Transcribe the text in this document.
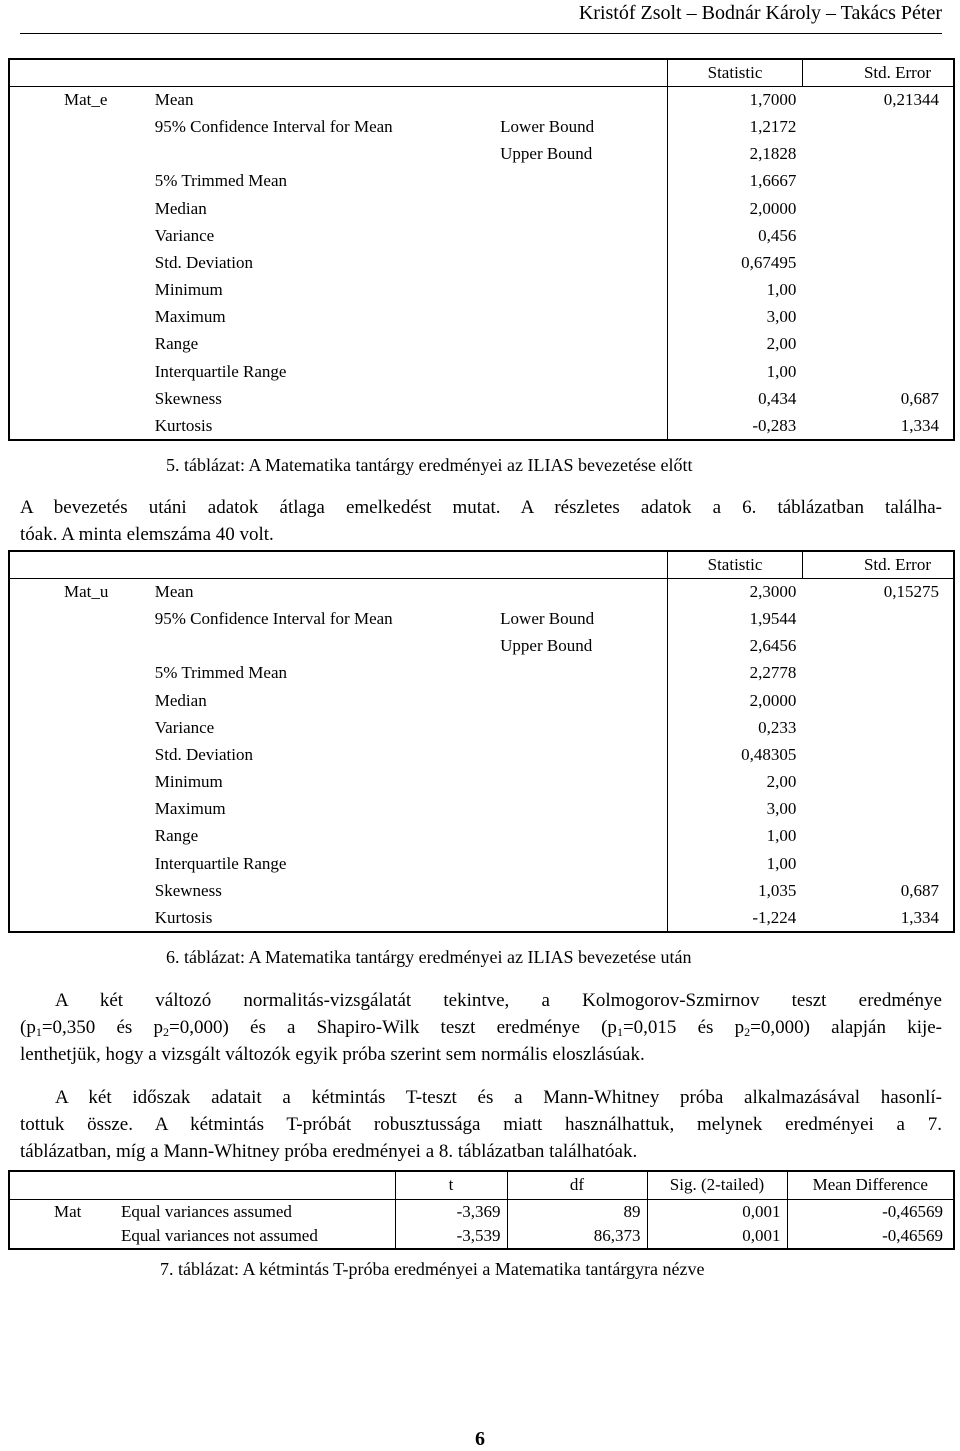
Kristóf Zsolt – Bodnár Károly – Takács Péter
			Statistic	Std. Error
Mat_e	Mean		1,7000	0,21344
	95% Confidence Interval for Mean	Lower Bound	1,2172	
		Upper Bound	2,1828	
	5% Trimmed Mean		1,6667	
	Median		2,0000	
	Variance		0,456	
	Std. Deviation		0,67495	
	Minimum		1,00	
	Maximum		3,00	
	Range		2,00	
	Interquartile Range		1,00	
	Skewness		0,434	0,687
	Kurtosis		-0,283	1,334
5. táblázat: A Matematika tantárgy eredményei az ILIAS bevezetése előtt
A bevezetés utáni adatok átlaga emelkedést mutat. A részletes adatok a 6. táblázatban találha-
tóak. A minta elemszáma 40 volt.
			Statistic	Std. Error
Mat_u	Mean		2,3000	0,15275
	95% Confidence Interval for Mean	Lower Bound	1,9544	
		Upper Bound	2,6456	
	5% Trimmed Mean		2,2778	
	Median		2,0000	
	Variance		0,233	
	Std. Deviation		0,48305	
	Minimum		2,00	
	Maximum		3,00	
	Range		1,00	
	Interquartile Range		1,00	
	Skewness		1,035	0,687
	Kurtosis		-1,224	1,334
6. táblázat: A Matematika tantárgy eredményei az ILIAS bevezetése után
A két változó normalitás-vizsgálatát tekintve, a Kolmogorov-Szmirnov teszt eredménye
($p_1=0,350$ és $p_2=0,000$) és a Shapiro-Wilk teszt eredménye ($p_1=0,015$ és $p_2=0,000$) alapján kije-
lenthetjük, hogy a vizsgált változók egyik próba szerint sem normális eloszlásúak.
A két időszak adatait a kétmintás T-teszt és a Mann-Whitney próba alkalmazásával hasonlí-
tottuk össze. A kétmintás T-próbát robusztussága miatt használhattuk, melynek eredményei a 7.
táblázatban, míg a Mann-Whitney próba eredményei a 8. táblázatban találhatóak.
		t	df	Sig. (2-tailed)	Mean Difference
Mat	Equal variances assumed	-3,369	89	0,001	-0,46569
	Equal variances not assumed	-3,539	86,373	0,001	-0,46569
7. táblázat: A kétmintás T-próba eredményei a Matematika tantárgyra nézve
6
